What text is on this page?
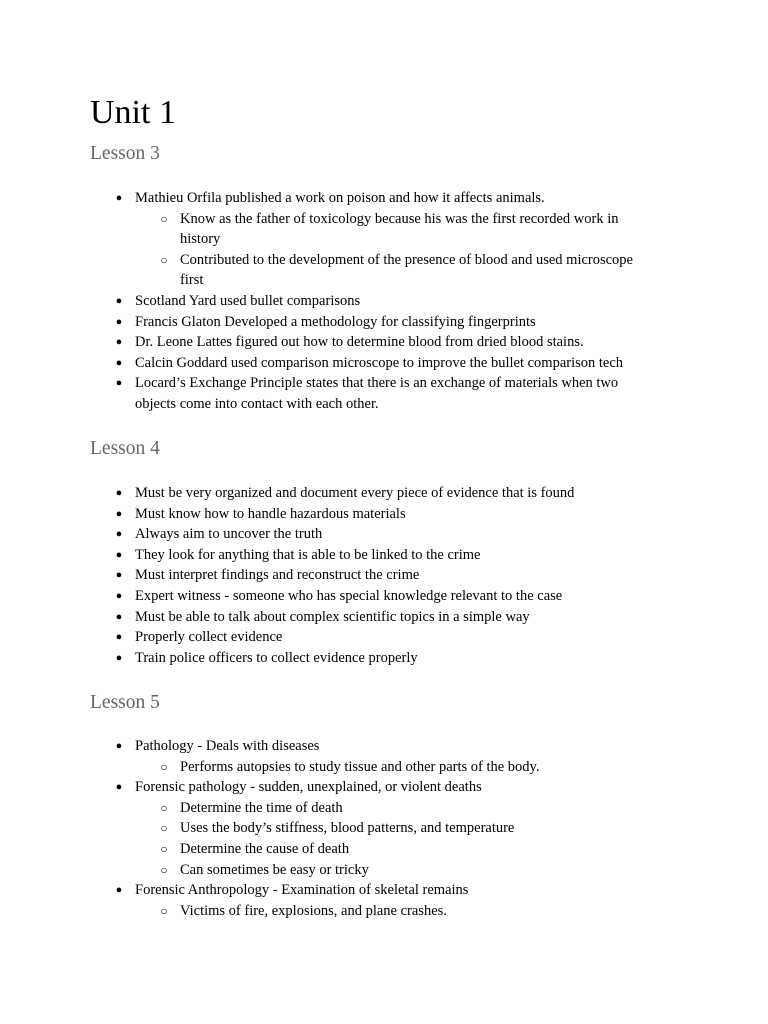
Unit 1
Lesson 3
● Mathieu Orfila published a work on poison and how it affects animals.
○ Know as the father of toxicology because his was the first recorded work in history
○ Contributed to the development of the presence of blood and used microscope first
● Scotland Yard used bullet comparisons
● Francis Glaton Developed a methodology for classifying fingerprints
● Dr. Leone Lattes figured out how to determine blood from dried blood stains.
● Calcin Goddard used comparison microscope to improve the bullet comparison tech
● Locard’s Exchange Principle states that there is an exchange of materials when two objects come into contact with each other.
Lesson 4
● Must be very organized and document every piece of evidence that is found
● Must know how to handle hazardous materials
● Always aim to uncover the truth
● They look for anything that is able to be linked to the crime
● Must interpret findings and reconstruct the crime
● Expert witness - someone who has special knowledge relevant to the case
● Must be able to talk about complex scientific topics in a simple way
● Properly collect evidence
● Train police officers to collect evidence properly
Lesson 5
● Pathology - Deals with diseases
○ Performs autopsies to study tissue and other parts of the body.
● Forensic pathology - sudden, unexplained, or violent deaths
○ Determine the time of death
○ Uses the body’s stiffness, blood patterns, and temperature
○ Determine the cause of death
○ Can sometimes be easy or tricky
● Forensic Anthropology - Examination of skeletal remains
○ Victims of fire, explosions, and plane crashes.
